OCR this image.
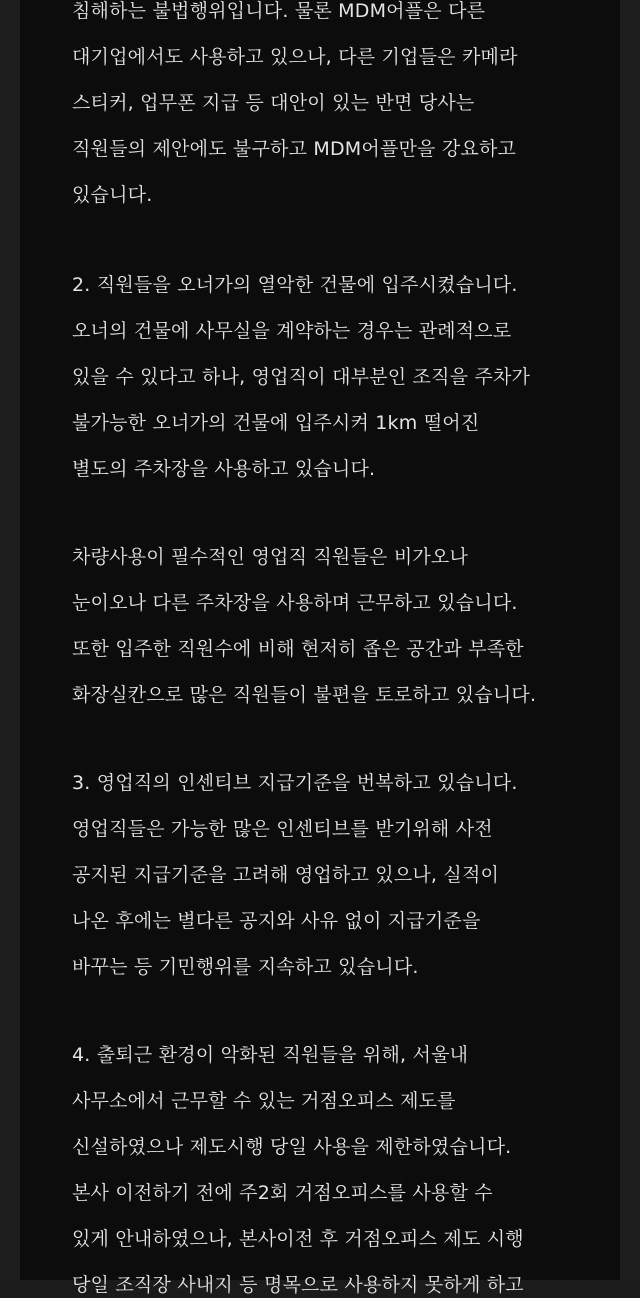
침해하는 불법행위입니다. 물론 MDM어플은 다른

대기업에서도 사용하고 있으나, 다른 기업들은 카메라

스티커, 업무폰 지급 등 대안이 있는 반면 당사는

직원들의 제안에도 불구하고 MDM어플만을 강요하고

있습니다.

2. 직원들을 오너가의 열악한 건물에 입주시켰습니다.

오너의 건물에 사무실을 계약하는 경우는 관례적으로

있을 수 있다고 하나, 영업직이 대부분인 조직을 주차가

불가능한 오너가의 건물에 입주시켜 1km 떨어진

별도의 주차장을 사용하고 있습니다.

차량사용이 필수적인 영업직 직원들은 비가오나

눈이오나 다른 주차장을 사용하며 근무하고 있습니다.

또한 입주한 직원수에 비해 현저히 좁은 공간과 부족한

화장실칸으로 많은 직원들이 불편을 토로하고 있습니다.

3. 영업직의 인센티브 지급기준을 번복하고 있습니다.

영업직들은 가능한 많은 인센티브를 받기위해 사전

공지된 지급기준을 고려해 영업하고 있으나, 실적이

나온 후에는 별다른 공지와 사유 없이 지급기준을

바꾸는 등 기민행위를 지속하고 있습니다.

4. 출퇴근 환경이 악화된 직원들을 위해, 서울내

사무소에서 근무할 수 있는 거점오피스 제도를

신설하였으나 제도시행 당일 사용을 제한하였습니다.

본사 이전하기 전에 주2회 거점오피스를 사용할 수

있게 안내하였으나, 본사이전 후 거점오피스 제도 시행

당일 조직장 사내지 등 명목으로 사용하지 못하게 하고
